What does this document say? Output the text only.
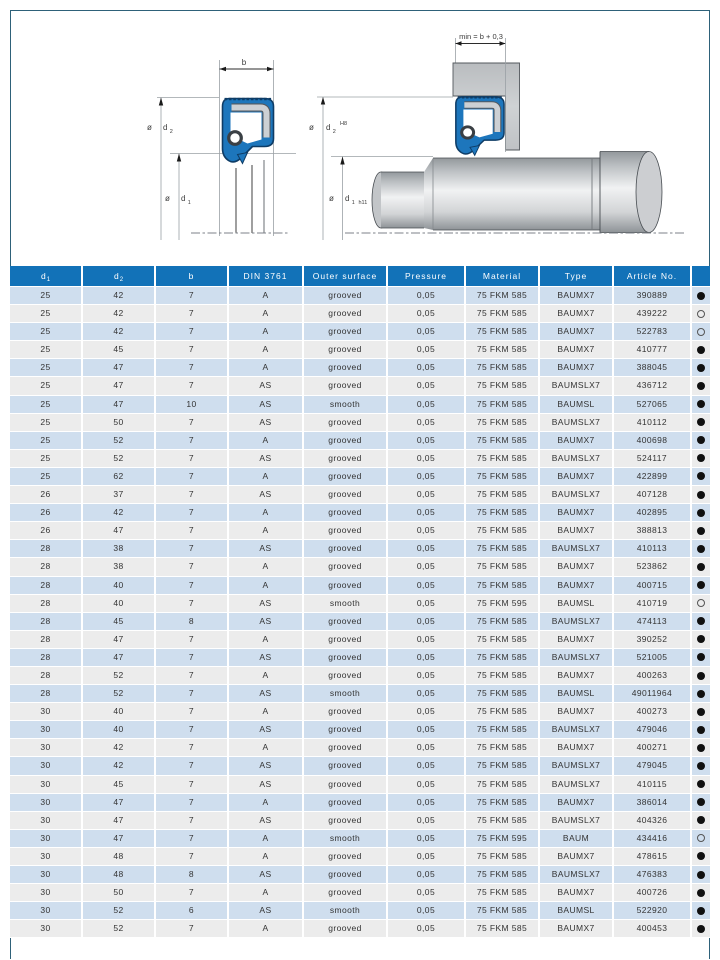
b
ø d $_2$
ø d $_1$
min = b + 0,3
ø d $_2$ $^{H8}$
ø d $_1$ h11
$d_1$	$d_2$	b	DIN 3761	Outer surface	Pressure	Material	Type	Article No.
25	42	7	A	grooved	0,05	75 FKM 585	BAUMX7	390889
25	42	7	A	grooved	0,05	75 FKM 585	BAUMX7	439222
25	42	7	A	grooved	0,05	75 FKM 585	BAUMX7	522783
25	45	7	A	grooved	0,05	75 FKM 585	BAUMX7	410777
25	47	7	A	grooved	0,05	75 FKM 585	BAUMX7	388045
25	47	7	AS	grooved	0,05	75 FKM 585	BAUMSLX7	436712
25	47	10	AS	smooth	0,05	75 FKM 585	BAUMSL	527065
25	50	7	AS	grooved	0,05	75 FKM 585	BAUMSLX7	410112
25	52	7	A	grooved	0,05	75 FKM 585	BAUMX7	400698
25	52	7	AS	grooved	0,05	75 FKM 585	BAUMSLX7	524117
25	62	7	A	grooved	0,05	75 FKM 585	BAUMX7	422899
26	37	7	AS	grooved	0,05	75 FKM 585	BAUMSLX7	407128
26	42	7	A	grooved	0,05	75 FKM 585	BAUMX7	402895
26	47	7	A	grooved	0,05	75 FKM 585	BAUMX7	388813
28	38	7	AS	grooved	0,05	75 FKM 585	BAUMSLX7	410113
28	38	7	A	grooved	0,05	75 FKM 585	BAUMX7	523862
28	40	7	A	grooved	0,05	75 FKM 585	BAUMX7	400715
28	40	7	AS	smooth	0,05	75 FKM 595	BAUMSL	410719
28	45	8	AS	grooved	0,05	75 FKM 585	BAUMSLX7	474113
28	47	7	A	grooved	0,05	75 FKM 585	BAUMX7	390252
28	47	7	AS	grooved	0,05	75 FKM 585	BAUMSLX7	521005
28	52	7	A	grooved	0,05	75 FKM 585	BAUMX7	400263
28	52	7	AS	smooth	0,05	75 FKM 585	BAUMSL	49011964
30	40	7	A	grooved	0,05	75 FKM 585	BAUMX7	400273
30	40	7	AS	grooved	0,05	75 FKM 585	BAUMSLX7	479046
30	42	7	A	grooved	0,05	75 FKM 585	BAUMX7	400271
30	42	7	AS	grooved	0,05	75 FKM 585	BAUMSLX7	479045
30	45	7	AS	grooved	0,05	75 FKM 585	BAUMSLX7	410115
30	47	7	A	grooved	0,05	75 FKM 585	BAUMX7	386014
30	47	7	AS	grooved	0,05	75 FKM 585	BAUMSLX7	404326
30	47	7	A	smooth	0,05	75 FKM 595	BAUM	434416
30	48	7	A	grooved	0,05	75 FKM 585	BAUMX7	478615
30	48	8	AS	grooved	0,05	75 FKM 585	BAUMSLX7	476383
30	50	7	A	grooved	0,05	75 FKM 585	BAUMX7	400726
30	52	6	AS	smooth	0,05	75 FKM 585	BAUMSL	522920
30	52	7	A	grooved	0,05	75 FKM 585	BAUMX7	400453
